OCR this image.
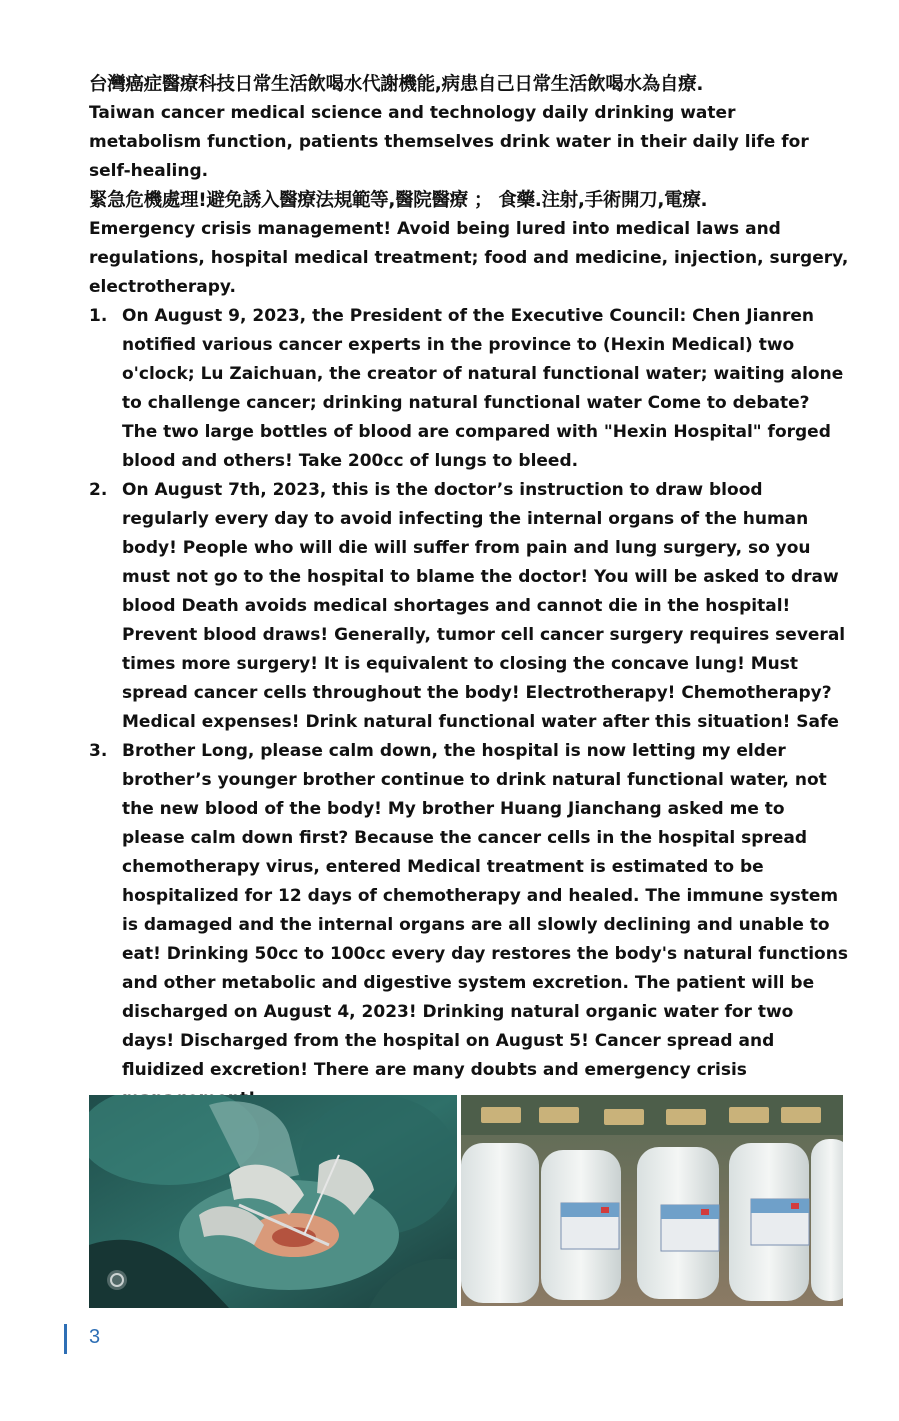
台灣癌症醫療科技日常生活飲喝水代謝機能,病患自己日常生活飲喝水為自療.

Taiwan cancer medical science and technology daily drinking water metabolism function, patients themselves drink water in their daily life for self-healing.

緊急危機處理!避免誘入醫療法規範等,醫院醫療 ； 食藥.注射,手術開刀,電療.

Emergency crisis management! Avoid being lured into medical laws and regulations, hospital medical treatment; food and medicine, injection, surgery, electrotherapy.

1. On August 9, 2023, the President of the Executive Council: Chen Jianren notified various cancer experts in the province to (Hexin Medical) two o'clock; Lu Zaichuan, the creator of natural functional water; waiting alone to challenge cancer; drinking natural functional water Come to debate? The two large bottles of blood are compared with "Hexin Hospital" forged blood and others! Take 200cc of lungs to bleed.
2. On August 7th, 2023, this is the doctor’s instruction to draw blood regularly every day to avoid infecting the internal organs of the human body! People who will die will suffer from pain and lung surgery, so you must not go to the hospital to blame the doctor! You will be asked to draw blood Death avoids medical shortages and cannot die in the hospital! Prevent blood draws! Generally, tumor cell cancer surgery requires several times more surgery! It is equivalent to closing the concave lung! Must spread cancer cells throughout the body! Electrotherapy! Chemotherapy? Medical expenses! Drink natural functional water after this situation! Safe
3. Brother Long, please calm down, the hospital is now letting my elder brother’s younger brother continue to drink natural functional water, not the new blood of the body! My brother Huang Jianchang asked me to please calm down first? Because the cancer cells in the hospital spread chemotherapy virus, entered Medical treatment is estimated to be hospitalized for 12 days of chemotherapy and healed. The immune system is damaged and the internal organs are all slowly declining and unable to eat! Drinking 50cc to 100cc every day restores the body's natural functions and other metabolic and digestive system excretion. The patient will be discharged on August 4, 2023! Drinking natural organic water for two days! Discharged from the hospital on August 5! Cancer spread and fluidized excretion! There are many doubts and emergency crisis
3
